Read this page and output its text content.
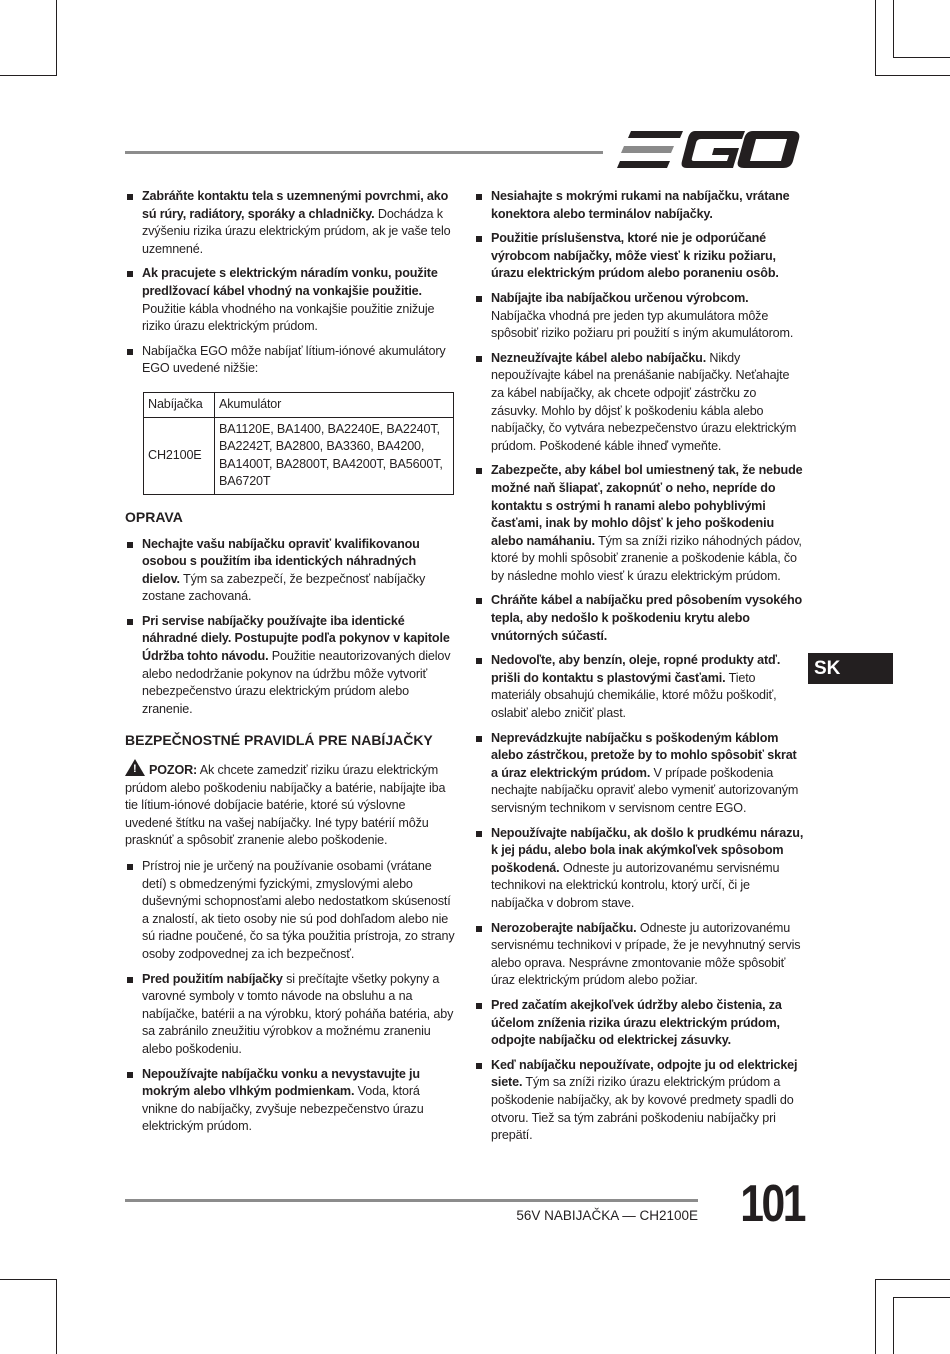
Zabráňte kontaktu tela s uzemnenými povrchmi, ako sú rúry, radiátory, sporáky a chladničky. Dochádza k zvýšeniu rizika úrazu elektrickým prúdom, ak je vaše telo uzemnené.

Ak pracujete s elektrickým náradím vonku, použite predlžovací kábel vhodný na vonkajšie použitie. Použitie kábla vhodného na vonkajšie použitie znižuje riziko úrazu elektrickým prúdom.

Nabíjačka EGO môže nabíjať lítium-iónové akumulátory EGO uvedené nižšie:

Nabíjačka	Akumulátor
CH2100E	BA1120E, BA1400, BA2240E, BA2240T, BA2242T, BA2800, BA3360, BA4200, BA1400T, BA2800T, BA4200T, BA5600T, BA6720T
OPRAVA

Nechajte vašu nabíjačku opraviť kvalifikovanou osobou s použitím iba identických náhradných dielov. Tým sa zabezpečí, že bezpečnosť nabíjačky zostane zachovaná.

Pri servise nabíjačky používajte iba identické náhradné diely. Postupujte podľa pokynov v kapitole Údržba tohto návodu. Použitie neautorizovaných dielov alebo nedodržanie pokynov na údržbu môže vytvoriť nebezpečenstvo úrazu elektrickým prúdom alebo zranenie.

BEZPEČNOSTNÉ PRAVIDLÁ PRE NABÍJAČKY
! POZOR: Ak chcete zamedziť riziku úrazu elektrickým prúdom alebo poškodeniu nabíjačky a batérie, nabíjajte iba tie lítium-iónové dobíjacie batérie, ktoré sú výslovne uvedené štítku na vašej nabíjačky. Iné typy batérií môžu prasknúť a spôsobiť zranenie alebo poškodenie.

Prístroj nie je určený na používanie osobami (vrátane detí) s obmedzenými fyzickými, zmyslovými alebo duševnými schopnosťami alebo nedostatkom skúseností a znalostí, ak tieto osoby nie sú pod dohľadom alebo nie sú riadne poučené, čo sa týka použitia prístroja, zo strany osoby zodpovednej za ich bezpečnosť.

Pred použitím nabíjačky si prečítajte všetky pokyny a varovné symboly v tomto návode na obsluhu a na nabíjačke, batérii a na výrobku, ktorý poháňa batéria, aby sa zabránilo zneužitiu výrobkov a možnému zraneniu alebo poškodeniu.

Nepoužívajte nabíjačku vonku a nevystavujte ju mokrým alebo vlhkým podmienkam. Voda, ktorá vnikne do nabíjačky, zvyšuje nebezpečenstvo úrazu elektrickým prúdom.

Nesiahajte s mokrými rukami na nabíjačku, vrátane konektora alebo terminálov nabíjačky.

Použitie príslušenstva, ktoré nie je odporúčané výrobcom nabíjačky, môže viesť k riziku požiaru, úrazu elektrickým prúdom alebo poraneniu osôb.

Nabíjajte iba nabíjačkou určenou výrobcom. Nabíjačka vhodná pre jeden typ akumulátora môže spôsobiť riziko požiaru pri použití s iným akumulátorom.

Nezneužívajte kábel alebo nabíjačku. Nikdy nepoužívajte kábel na prenášanie nabíjačky. Neťahajte za kábel nabíjačky, ak chcete odpojiť zástrčku zo zásuvky. Mohlo by dôjsť k poškodeniu kábla alebo nabíjačky, čo vytvára nebezpečenstvo úrazu elektrickým prúdom. Poškodené káble ihneď vymeňte.

Zabezpečte, aby kábel bol umiestnený tak, že nebude možné naň šliapať, zakopnúť o neho, nepríde do kontaktu s ostrými h ranami alebo pohyblivými časťami, inak by mohlo dôjsť k jeho poškodeniu alebo namáhaniu. Tým sa zníži riziko náhodných pádov, ktoré by mohli spôsobiť zranenie a poškodenie kábla, čo by následne mohlo viesť k úrazu elektrickým prúdom.

Chráňte kábel a nabíjačku pred pôsobením vysokého tepla, aby nedošlo k poškodeniu krytu alebo vnútorných súčastí.

Nedovoľte, aby benzín, oleje, ropné produkty atď. prišli do kontaktu s plastovými časťami. Tieto materiály obsahujú chemikálie, ktoré môžu poškodiť, oslabiť alebo zničiť plast.

Neprevádzkujte nabíjačku s poškodeným káblom alebo zástrčkou, pretože by to mohlo spôsobiť skrat a úraz elektrickým prúdom. V prípade poškodenia nechajte nabíjačku opraviť alebo vymeniť autorizovaným servisným technikom v servisnom centre EGO.

Nepoužívajte nabíjačku, ak došlo k prudkému nárazu, k jej pádu, alebo bola inak akýmkoľvek spôsobom poškodená. Odneste ju autorizovanému servisnému technikovi na elektrickú kontrolu, ktorý určí, či je nabíjačka v dobrom stave.

Nerozoberajte nabíjačku. Odneste ju autorizovanému servisnému technikovi v prípade, že je nevyhnutný servis alebo oprava. Nesprávne zmontovanie môže spôsobiť úraz elektrickým prúdom alebo požiar.

Pred začatím akejkoľvek údržby alebo čistenia, za účelom zníženia rizika úrazu elektrickým prúdom, odpojte nabíjačku od elektrickej zásuvky.

Keď nabíjačku nepoužívate, odpojte ju od elektrickej siete. Tým sa zníži riziko úrazu elektrickým prúdom a poškodenie nabíjačky, ak by kovové predmety spadli do otvoru. Tiež sa tým zabráni poškodeniu nabíjačky pri prepätí.

SK
56V NABIJAČKA — CH2100E 101
